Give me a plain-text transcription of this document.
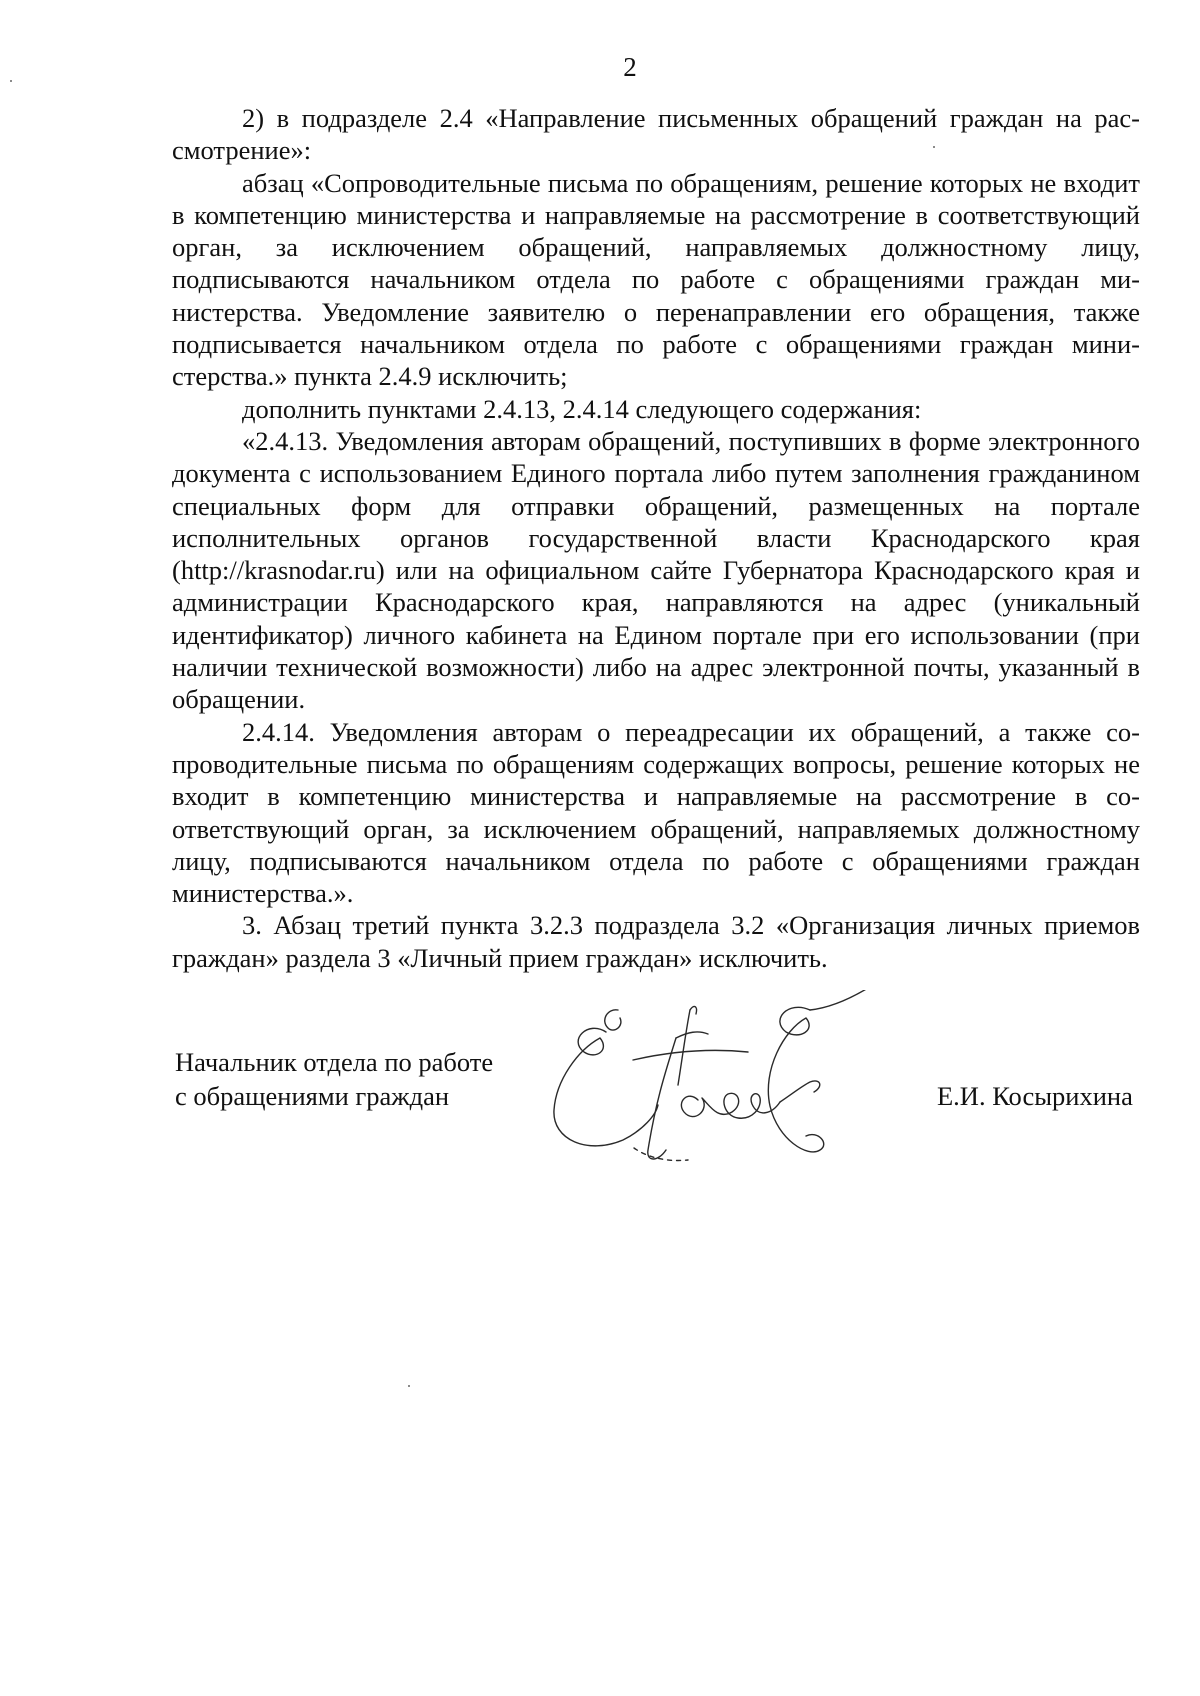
2

2) в подразделе 2.4 «Направление письменных обращений граждан на рассмотрение»:

абзац «Сопроводительные письма по обращениям, решение которых не входит в компетенцию министерства и направляемые на рассмотрение в соответствующий орган, за исключением обращений, направляемых должностному лицу, подписываются начальником отдела по работе с обращениями граждан министерства. Уведомление заявителю о перенаправлении его обращения, также подписывается начальником отдела по работе с обращениями граждан министерства.» пункта 2.4.9 исключить;

дополнить пунктами 2.4.13, 2.4.14 следующего содержания:

«2.4.13. Уведомления авторам обращений, поступивших в форме электронного документа с использованием Единого портала либо путем заполнения гражданином специальных форм для отправки обращений, размещенных на портале исполнительных органов государственной власти Краснодарского края (http://krasnodar.ru) или на официальном сайте Губернатора Краснодарского края и администрации Краснодарского края, направляются на адрес (уникальный идентификатор) личного кабинета на Едином портале при его использовании (при наличии технической возможности) либо на адрес электронной почты, указанный в обращении.

2.4.14. Уведомления авторам о переадресации их обращений, а также сопроводительные письма по обращениям содержащих вопросы, решение которых не входит в компетенцию министерства и направляемые на рассмотрение в соответствующий орган, за исключением обращений, направляемых должностному лицу, подписываются начальником отдела по работе с обращениями граждан министерства.».

3. Абзац третий пункта 3.2.3 подраздела 3.2 «Организация личных приемов граждан» раздела 3 «Личный прием граждан» исключить.

Начальник отдела по работе
с обращениями граждан	Е.И. Косырихина
